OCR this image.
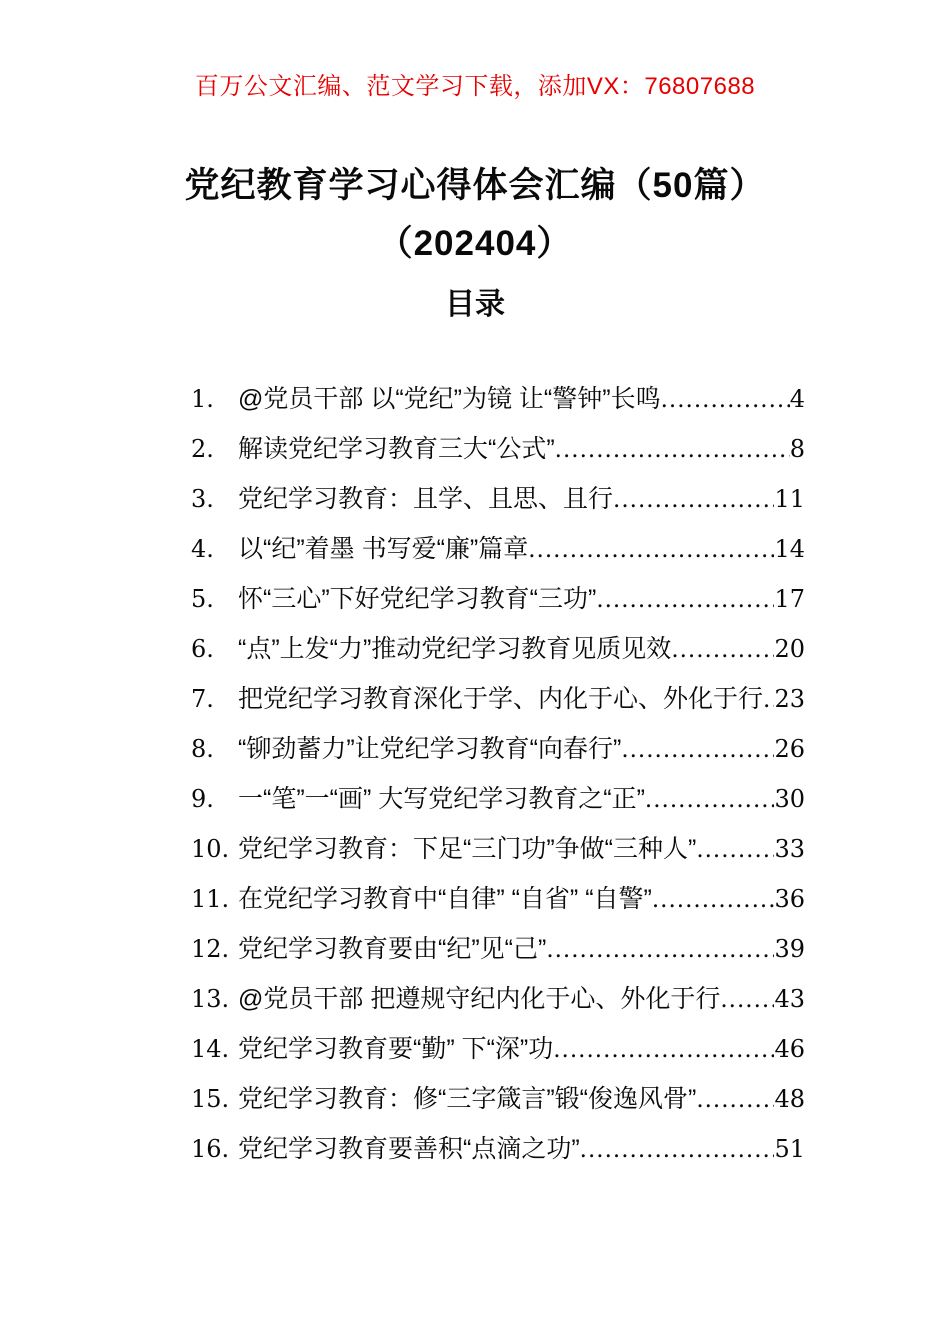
百万公文汇编、范文学习下载，添加VX：76807688
党纪教育学习心得体会汇编（50篇）（202404）
目录
1. @党员干部 以“党纪”为镜 让“警钟”长鸣 .....	4
2. 解读党纪学习教育三大“公式” .....	8
3. 党纪学习教育：且学、且思、且行 .....	11
4. 以“纪”着墨 书写爱“廉”篇章 .....	14
5. 怀“三心”下好党纪学习教育“三功” .....	17
6. “点”上发“力”推动党纪学习教育见质见效 .....	20
7. 把党纪学习教育深化于学、内化于心、外化于行 ..... 23
8. “铆劲蓄力”让党纪学习教育“向春行” .....	26
9. 一“笔”一“画” 大写党纪学习教育之“正” .....	30
10. 党纪学习教育：下足“三门功”争做“三种人” .....	33
11. 在党纪学习教育中“自律” “自省” “自警” .....	36
12. 党纪学习教育要由“纪”见“己” .....	39
13. @党员干部 把遵规守纪内化于心、外化于行 ..... 43
14. 党纪学习教育要“勤” 下“深”功 .....	46
15. 党纪学习教育：修“三字箴言”锻“俊逸风骨” .....	48
16. 党纪学习教育要善积“点滴之功” .....	51
